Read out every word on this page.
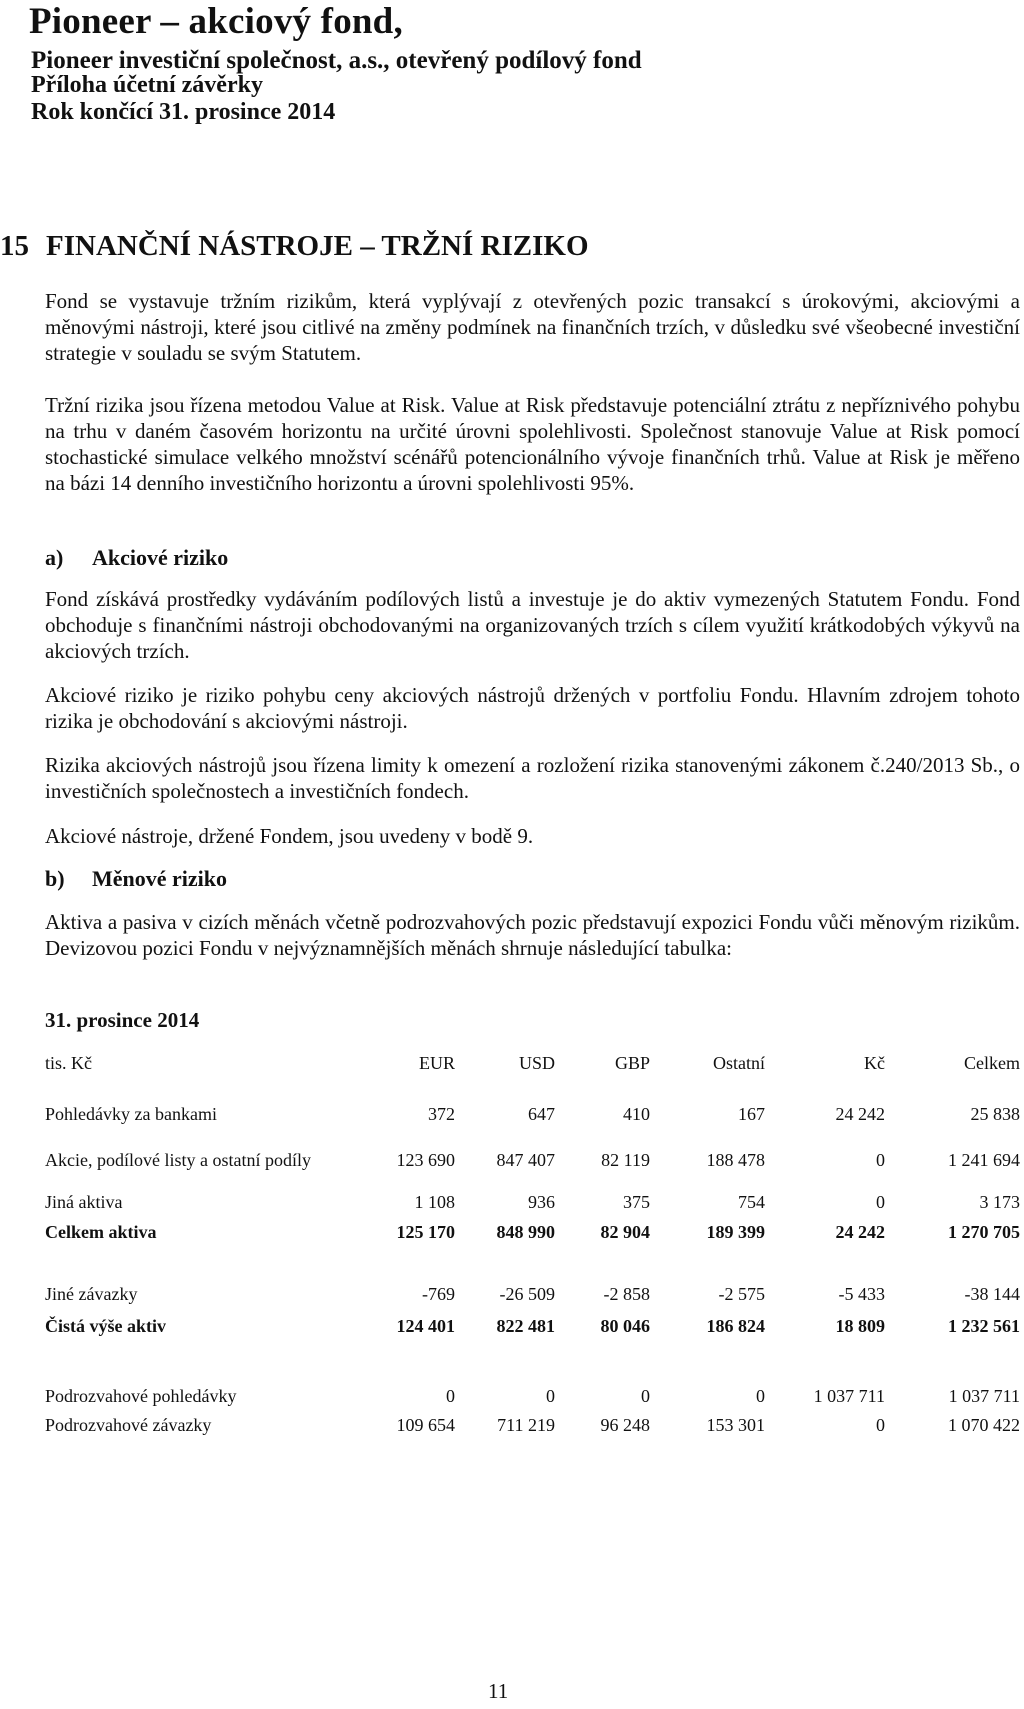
Pioneer – akciový fond,
Pioneer investiční společnost, a.s., otevřený podílový fond
Příloha účetní závěrky
Rok končící 31. prosince 2014
15 FINANČNÍ NÁSTROJE – TRŽNÍ RIZIKO

Fond se vystavuje tržním rizikům, která vyplývají z otevřených pozic transakcí s úrokovými, akciovými a měnovými nástroji, které jsou citlivé na změny podmínek na finančních trzích, v důsledku své všeobecné investiční strategie v souladu se svým Statutem.

Tržní rizika jsou řízena metodou Value at Risk. Value at Risk představuje potenciální ztrátu z nepříznivého pohybu na trhu v daném časovém horizontu na určité úrovni spolehlivosti. Společnost stanovuje Value at Risk pomocí stochastické simulace velkého množství scénářů potencionálního vývoje finančních trhů. Value at Risk je měřeno na bázi 14 denního investičního horizontu a úrovni spolehlivosti 95%.

a) Akciové riziko

Fond získává prostředky vydáváním podílových listů a investuje je do aktiv vymezených Statutem Fondu. Fond obchoduje s finančními nástroji obchodovanými na organizovaných trzích s cílem využití krátkodobých výkyvů na akciových trzích.

Akciové riziko je riziko pohybu ceny akciových nástrojů držených v portfoliu Fondu. Hlavním zdrojem tohoto rizika je obchodování s akciovými nástroji.

Rizika akciových nástrojů jsou řízena limity k omezení a rozložení rizika stanovenými zákonem č.240/2013 Sb., o investičních společnostech a investičních fondech.

Akciové nástroje, držené Fondem, jsou uvedeny v bodě 9.

b) Měnové riziko

Aktiva a pasiva v cizích měnách včetně podrozvahových pozic představují expozici Fondu vůči měnovým rizikům. Devizovou pozici Fondu v nejvýznamnějších měnách shrnuje následující tabulka:

31. prosince 2014
tis. Kč	EUR	USD	GBP	Ostatní	Kč	Celkem

Pohledávky za bankami	372	647	410	167	24 242	25 838
Akcie, podílové listy a ostatní podíly	123 690	847 407	82 119	188 478	0	1 241 694
Jiná aktiva	1 108	936	375	754	0	3 173
Celkem aktiva	125 170	848 990	82 904	189 399	24 242	1 270 705

Jiné závazky	-769	-26 509	-2 858	-2 575	-5 433	-38 144
Čistá výše aktiv	124 401	822 481	80 046	186 824	18 809	1 232 561

Podrozvahové pohledávky	0	0	0	0	1 037 711	1 037 711
Podrozvahové závazky	109 654	711 219	96 248	153 301	0	1 070 422
11
